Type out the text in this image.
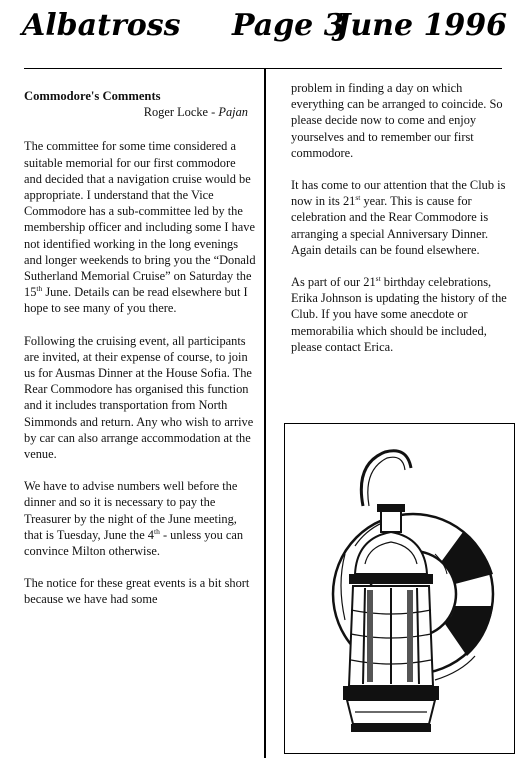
Albatross Page 3
June 1996
Commodore's Comments
Roger Locke - Pajan

The committee for some time considered a suitable memorial for our first commodore and decided that a navigation cruise would be appropriate. I understand that the Vice Commodore has a sub-committee led by the membership officer and including some I have not identified working in the long evenings and longer weekends to bring you the “Donald Sutherland Memorial Cruise” on Saturday the 15th June. Details can be read elsewhere but I hope to see many of you there.

Following the cruising event, all participants are invited, at their expense of course, to join us for Ausmas Dinner at the House Sofia. The Rear Commodore has organised this function and it includes transportation from North Simmonds and return. Any who wish to arrive by car can also arrange accommodation at the venue.

We have to advise numbers well before the dinner and so it is necessary to pay the Treasurer by the night of the June meeting, that is Tuesday, June the 4th - unless you can convince Milton otherwise.

The notice for these great events is a bit short because we have had some

problem in finding a day on which everything can be arranged to coincide. So please decide now to come and enjoy yourselves and to remember our first commodore.

It has come to our attention that the Club is now in its 21st year. This is cause for celebration and the Rear Commodore is arranging a special Anniversary Dinner. Again details can be found elsewhere.

As part of our 21st birthday celebrations, Erika Johnson is updating the history of the Club. If you have some anecdote or memorabilia which should be included, please contact Erica.
